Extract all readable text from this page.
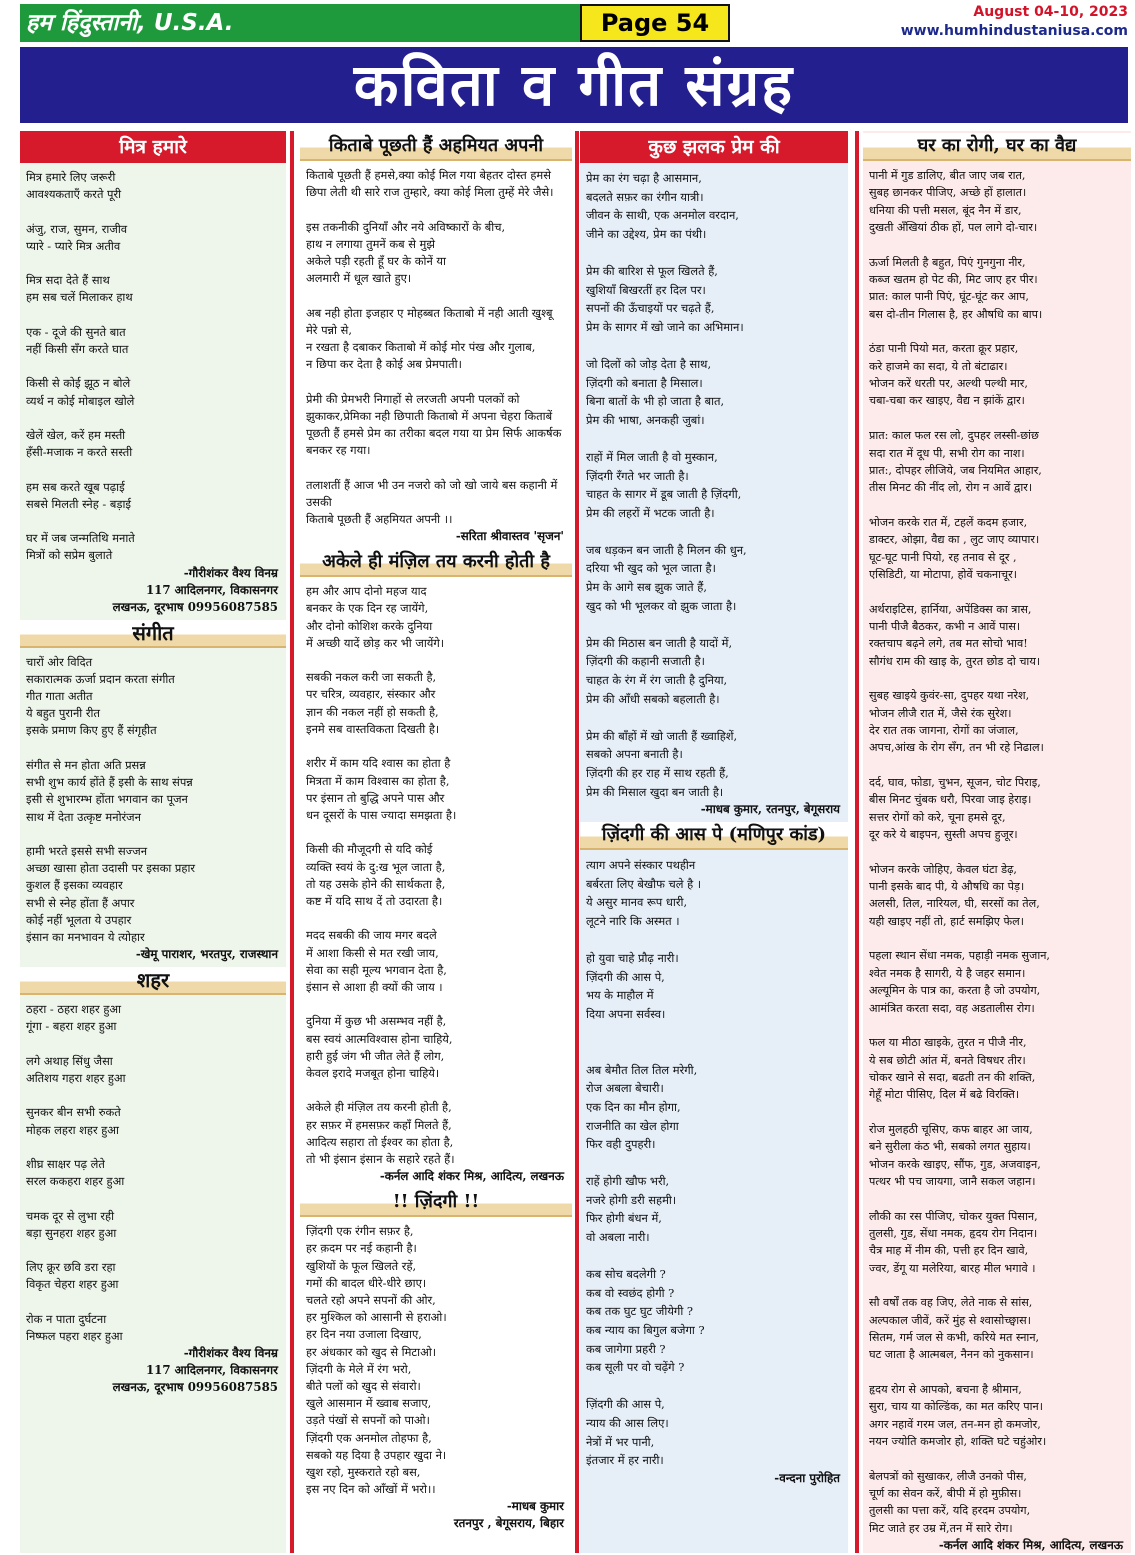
हम हिंदुस्तानी, U.S.A.	Page 54	August 04-10, 2023
www.humhindustaniusa.com
कविता व गीत संग्रह
मित्र हमारे
मित्र हमारे लिए जरूरी
आवश्यकताएँ करते पूरी

अंजु, राज, सुमन, राजीव
प्यारे - प्यारे मित्र अतीव

मित्र सदा देते हैं साथ
हम सब चलें मिलाकर हाथ

एक - दूजे की सुनते बात
नहीं किसी सँग करते घात

किसी से कोई झूठ न बोले
व्यर्थ न कोई मोबाइल खोले

खेलें खेल, करें हम मस्ती
हँसी-मजाक न करते सस्ती

हम सब करते खूब पढ़ाई
सबसे मिलती स्नेह - बड़ाई

घर में जब जन्मतिथि मनाते
मित्रों को सप्रेम बुलाते
-गौरीशंकर वैश्य विनम्र
117 आदिलनगर, विकासनगर
लखनऊ, दूरभाष 09956087585
संगीत
चारों ओर विदित
सकारात्मक ऊर्जा प्रदान करता संगीत
गीत गाता अतीत
ये बहुत पुरानी रीत
इसके प्रमाण किए हुए हैं संगृहीत

संगीत से मन होता अति प्रसन्न
सभी शुभ कार्य होंते हैं इसी के साथ संपन्न
इसी से शुभारम्भ होंता भगवान का पूजन
साथ में देता उत्कृष्ट मनोरंजन

हामी भरते इससे सभी सज्जन
अच्छा खासा होता उदासी पर इसका प्रहार
कुशल हैं इसका व्यवहार
सभी से स्नेह होंता हैं अपार
कोई नहीं भूलता ये उपहार
इंसान का मनभावन ये त्योहार
-खेमू पाराशर, भरतपुर, राजस्थान
शहर
ठहरा - ठहरा शहर हुआ
गूंगा - बहरा शहर हुआ

लगे अथाह सिंधु जैसा
अतिशय गहरा शहर हुआ

सुनकर बीन सभी रुकते
मोहक लहरा शहर हुआ

शीघ्र साक्षर पढ़ लेते
सरल ककहरा शहर हुआ

चमक दूर से लुभा रही
बड़ा सुनहरा शहर हुआ

लिए क्रूर छवि डरा रहा
विकृत चेहरा शहर हुआ

रोक न पाता दुर्घटना
निष्फल पहरा शहर हुआ
-गौरीशंकर वैश्य विनम्र
117 आदिलनगर, विकासनगर
लखनऊ, दूरभाष 09956087585
किताबे पूछती हैं अहमियत अपनी
किताबे पूछती हैं हमसे,क्या कोई मिल गया बेहतर दोस्त हमसे छिपा लेती थी सारे राज तुम्हारे, क्या कोई मिला तुम्हें मेरे जैसे।

इस तकनीकी दुनियाँ और नये अविष्कारों के बीच,
हाथ न लगाया तुमनें कब से मुझे
अकेले पड़ी रहती हूँ घर के कोनें या
अलमारी में धूल खाते हुए।

अब नही होता इजहार ए मोहब्बत किताबो में नही आती खुश्बू मेरे पन्नो से,
न रखता है दबाकर किताबो में कोई मोर पंख और गुलाब,
न छिपा कर देता है कोई अब प्रेमपाती।

प्रेमी की प्रेमभरी निगाहों से लरजती अपनी पलकों को झुकाकर,प्रेमिका नही छिपाती किताबो में अपना चेहरा किताबें पूछती हैं हमसे प्रेम का तरीका बदल गया या प्रेम सिर्फ आकर्षक बनकर रह गया।

तलाशतीं हैं आज भी उन नजरो को जो खो जाये बस कहानी में उसकी
किताबे पूछती हैं अहमियत अपनी ।।
-सरिता श्रीवास्तव 'सृजन'
अकेले ही मंज़िल तय करनी होती है
हम और आप दोनो महज याद
बनकर के एक दिन रह जायेंगे,
और दोनो कोशिश करके दुनिया
में अच्छी यादें छोड़ कर भी जायेंगे।

सबकी नकल करी जा सकती है,
पर चरित्र, व्यवहार, संस्कार और
ज्ञान की नकल नहीं हो सकती है,
इनमे सब वास्तविकता दिखती है।

शरीर में काम यदि श्वास का होता है
मित्रता में काम विश्वास का होता है,
पर इंसान तो बुद्धि अपने पास और
धन दूसरों के पास ज्यादा समझता है।

किसी की मौजूदगी से यदि कोई
व्यक्ति स्वयं के दु:ख भूल जाता है,
तो यह उसके होने की सार्थकता है,
कष्ट में यदि साथ दें तो उदारता है।

मदद सबकी की जाय मगर बदले
में आशा किसी से मत रखी जाय,
सेवा का सही मूल्य भगवान देता है,
इंसान से आशा ही क्यों की जाय ।

दुनिया में कुछ भी असम्भव नहीं है,
बस स्वयं आत्मविश्वास होना चाहिये,
हारी हुई जंग भी जीत लेते हैं लोग,
केवल इरादे मजबूत होना चाहिये।

अकेले ही मंज़िल तय करनी होती है,
हर सफ़र में हमसफ़र कहाँ मिलते हैं,
आदित्य सहारा तो ईश्वर का होता है,
तो भी इंसान इंसान के सहारे रहते हैं।
-कर्नल आदि शंकर मिश्र, आदित्य, लखनऊ
!! ज़िंदगी !!
ज़िंदगी एक रंगीन सफ़र है,
हर क़दम पर नई कहानी है।
खुशियों के फूल खिलते रहें,
गमों की बादल धीरे-धीरे छाए।
चलते रहो अपने सपनों की ओर,
हर मुश्किल को आसानी से हराओ।
हर दिन नया उजाला दिखाए,
हर अंधकार को खुद से मिटाओ।
ज़िंदगी के मेले में रंग भरो,
बीते पलों को खुद से संवारो।
खुले आसमान में ख्वाब सजाए,
उड़ते पंखों से सपनों को पाओ।
ज़िंदगी एक अनमोल तोहफा है,
सबको यह दिया है उपहार खुदा ने।
खुश रहो, मुस्कराते रहो बस,
इस नए दिन को आँखों में भरो।।
-माधब कुमार
रतनपुर , बेगूसराय, बिहार
कुछ झलक प्रेम की
प्रेम का रंग चढ़ा है आसमान,
बदलते सफ़र का रंगीन यात्री।
जीवन के साथी, एक अनमोल वरदान,
जीने का उद्देश्य, प्रेम का पंथी।

प्रेम की बारिश से फूल खिलते हैं,
खुशियाँ बिखरतीं हर दिल पर।
सपनों की ऊँचाइयों पर चढ़ते हैं,
प्रेम के सागर में खो जाने का अभिमान।

जो दिलों को जोड़ देता है साथ,
ज़िंदगी को बनाता है मिसाल।
बिना बातों के भी हो जाता है बात,
प्रेम की भाषा, अनकही जुबां।

राहों में मिल जाती है वो मुस्कान,
ज़िंदगी रँगते भर जाती है।
चाहत के सागर में डूब जाती है ज़िंदगी,
प्रेम की लहरों में भटक जाती है।

जब धड़कन बन जाती है मिलन की धुन,
दरिया भी खुद को भूल जाता है।
प्रेम के आगे सब झुक जाते हैं,
खुद को भी भूलकर वो झुक जाता है।

प्रेम की मिठास बन जाती है यादों में,
ज़िंदगी की कहानी सजाती है।
चाहत के रंग में रंग जाती है दुनिया,
प्रेम की आँधी सबको बहलाती है।

प्रेम की बाँहों में खो जाती हैं ख्वाहिशें,
सबको अपना बनाती है।
ज़िंदगी की हर राह में साथ रहती हैं,
प्रेम की मिसाल खुदा बन जाती है।
-माधब कुमार, रतनपुर, बेगूसराय
ज़िंदगी की आस पे (मणिपुर कांड)
त्याग अपने संस्कार पथहीन
बर्बरता लिए बेखौफ चले है ।
ये असुर मानव रूप धारी,
लूटने नारि कि अस्मत ।

हो युवा चाहे प्रौढ़ नारी।
ज़िंदगी की आस पे,
भय के माहौल में
दिया अपना सर्वस्व।

अब बेमौत तिल तिल मरेगी,
रोज अबला बेचारी।
एक दिन का मौन होगा,
राजनीति का खेल होगा
फिर वही दुपहरी।

राहें होगी खौफ भरी,
नजरे होगी डरी सहमी।
फिर होगी बंधन में,
वो अबला नारी।

कब सोच बदलेगी ?
कब वो स्वछंद होगी ?
कब तक घुट घुट जीयेगी ?
कब न्याय का बिगुल बजेगा ?
कब जागेगा प्रहरी ?
कब सूली पर वो चढ़ेंगे ?

ज़िंदगी की आस पे,
न्याय की आस लिए।
नेत्रों में भर पानी,
इंतजार में हर नारी।
-वन्दना पुरोहित
घर का रोगी, घर का वैद्य
पानी में गुड डालिए, बीत जाए जब रात,
सुबह छानकर पीजिए, अच्छे हों हालात।
धनिया की पत्ती मसल, बूंद नैन में डार,
दुखती अँखियां ठीक हों, पल लागे दो-चार।

ऊर्जा मिलती है बहुत, पिएं गुनगुना नीर,
कब्ज खतम हो पेट की, मिट जाए हर पीर।
प्रात: काल पानी पिएं, घूंट-घूंट कर आप,
बस दो-तीन गिलास है, हर औषधि का बाप।

ठंडा पानी पियो मत, करता क्रूर प्रहार,
करे हाजमे का सदा, ये तो बंटाढार।
भोजन करें धरती पर, अल्थी पल्थी मार,
चबा-चबा कर खाइए, वैद्य न झांकें द्वार।

प्रात: काल फल रस लो, दुपहर लस्सी-छांछ
सदा रात में दूध पी, सभी रोग का नाश।
प्रात:, दोपहर लीजिये, जब नियमित आहार,
तीस मिनट की नींद लो, रोग न आवें द्वार।

भोजन करके रात में, टहलें कदम हजार,
डाक्टर, ओझा, वैद्य का , लुट जाए व्यापार।
घूट-घूट पानी पियो, रह तनाव से दूर ,
एसिडिटी, या मोटापा, होवें चकनाचूर।

अर्थराइटिस, हार्निया, अपेंडिक्स का त्रास,
पानी पीजै बैठकर, कभी न आवें पास।
रक्तचाप बढ़ने लगे, तब मत सोचो भाव!
सौगंध राम की खाइ के, तुरत छोड दो चाय।

सुबह खाइये कुवंर-सा, दुपहर यथा नरेश,
भोजन लीजै रात में, जैसे रंक सुरेश।
देर रात तक जागना, रोगों का जंजाल,
अपच,आंख के रोग सँग, तन भी रहे निढाल।

दर्द, घाव, फोडा, चुभन, सूजन, चोट पिराइ,
बीस मिनट चुंबक धरौ, पिरवा जाइ हेराइ।
सत्तर रोगों को करे, चूना हमसे दूर,
दूर करे ये बाइपन, सुस्ती अपच हुजूर।

भोजन करके जोहिए, केवल घंटा डेढ़,
पानी इसके बाद पी, ये औषधि का पेड़।
अलसी, तिल, नारियल, घी, सरसों का तेल,
यही खाइए नहीं तो, हार्ट समझिए फेल।

पहला स्थान सेंधा नमक, पहाड़ी नमक सुजान,
श्वेत नमक है सागरी, ये है जहर समान।
अल्यूमिन के पात्र का, करता है जो उपयोग,
आमंत्रित करता सदा, वह अडतालीस रोग।

फल या मीठा खाइके, तुरत न पीजै नीर,
ये सब छोटी आंत में, बनते विषधर तीर।
चोकर खाने से सदा, बढती तन की शक्ति,
गेहूँ मोटा पीसिए, दिल में बढे विरक्ति।

रोज मुलहठी चूसिए, कफ बाहर आ जाय,
बने सुरीला कंठ भी, सबको लगत सुहाय।
भोजन करके खाइए, सौंफ, गुड, अजवाइन,
पत्थर भी पच जायगा, जानै सकल जहान।

लौकी का रस पीजिए, चोकर युक्त पिसान,
तुलसी, गुड, सेंधा नमक, हृदय रोग निदान।
चैत्र माह में नीम की, पत्ती हर दिन खावे,
ज्वर, डेंगू या मलेरिया, बारह मील भगावे ।

सौ वर्षों तक वह जिए, लेते नाक से सांस,
अल्पकाल जीवें, करें मुंह से श्वासोच्छ्वास।
सितम, गर्म जल से कभी, करिये मत स्नान,
घट जाता है आत्मबल, नैनन को नुकसान।

हृदय रोग से आपको, बचना है श्रीमान,
सुरा, चाय या कोल्डिंक, का मत करिए पान।
अगर नहावें गरम जल, तन-मन हो कमजोर,
नयन ज्योति कमजोर हो, शक्ति घटे चहुंओर।

बेलपत्रों को सुखाकर, लीजै उनको पीस,
चूर्ण का सेवन करें, बीपी में हो मुफ़ीस।
तुलसी का पत्ता करें, यदि हरदम उपयोग,
मिट जाते हर उम्र में,तन में सारे रोग।
-कर्नल आदि शंकर मिश्र, आदित्य, लखनऊ
